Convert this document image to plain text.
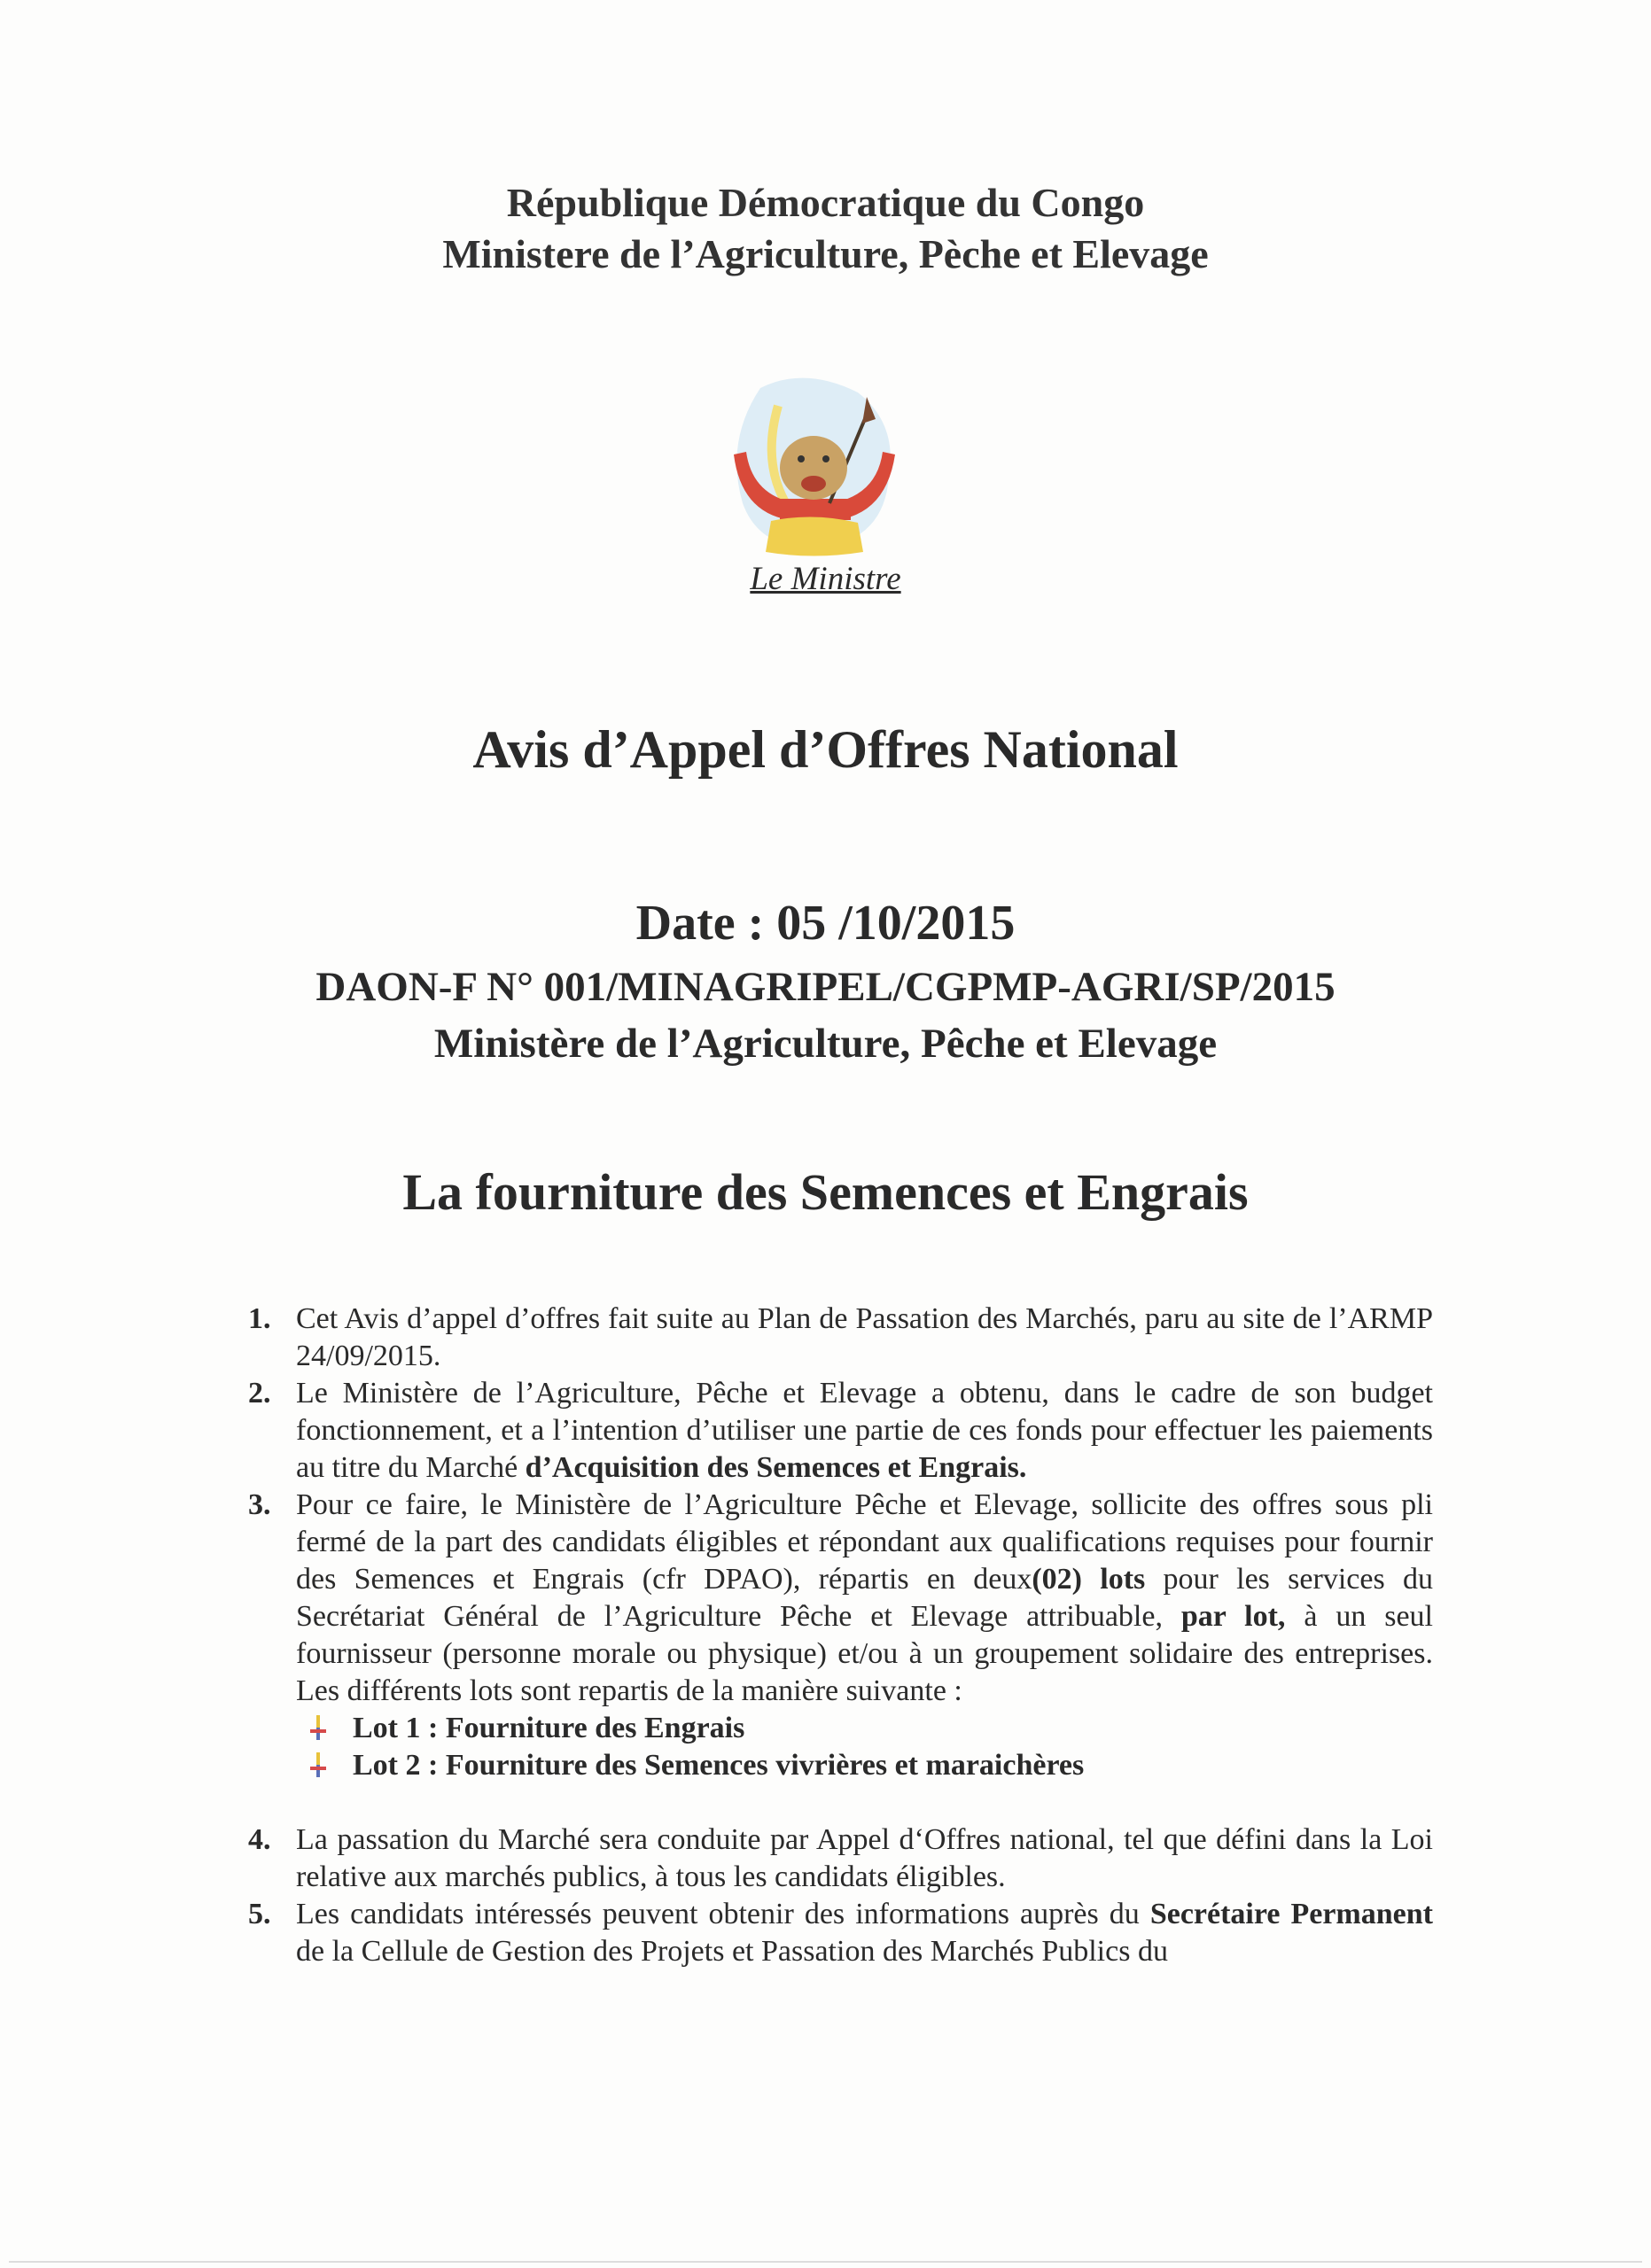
République Démocratique du Congo
Ministere de l’Agriculture, Pèche et Elevage
Le Ministre
Avis d’Appel d’Offres National
Date : 05 /10/2015
DAON-F N° 001/MINAGRIPEL/CGPMP-AGRI/SP/2015
Ministère de l’Agriculture, Pêche et Elevage
La fourniture des Semences et Engrais
1. Cet Avis d’appel d’offres fait suite au Plan de Passation des Marchés, paru au site de l’ARMP 24/09/2015.
2. Le Ministère de l’Agriculture, Pêche et Elevage a obtenu, dans le cadre de son budget fonctionnement, et a l’intention d’utiliser une partie de ces fonds pour effectuer les paiements au titre du Marché d’Acquisition des Semences et Engrais.
3. Pour ce faire, le Ministère de l’Agriculture Pêche et Elevage, sollicite des offres sous pli fermé de la part des candidats éligibles et répondant aux qualifications requises pour fournir des Semences et Engrais (cfr DPAO), répartis en deux(02) lots pour les services du Secrétariat Général de l’Agriculture Pêche et Elevage attribuable, par lot, à un seul fournisseur (personne morale ou physique) et/ou à un groupement solidaire des entreprises. Les différents lots sont repartis de la manière suivante :
Lot 1 : Fourniture des Engrais
Lot 2 : Fourniture des Semences vivrières et maraichères
4. La passation du Marché sera conduite par Appel d‘Offres national, tel que défini dans la Loi relative aux marchés publics, à tous les candidats éligibles.
5. Les candidats intéressés peuvent obtenir des informations auprès du Secrétaire Permanent de la Cellule de Gestion des Projets et Passation des Marchés Publics du
